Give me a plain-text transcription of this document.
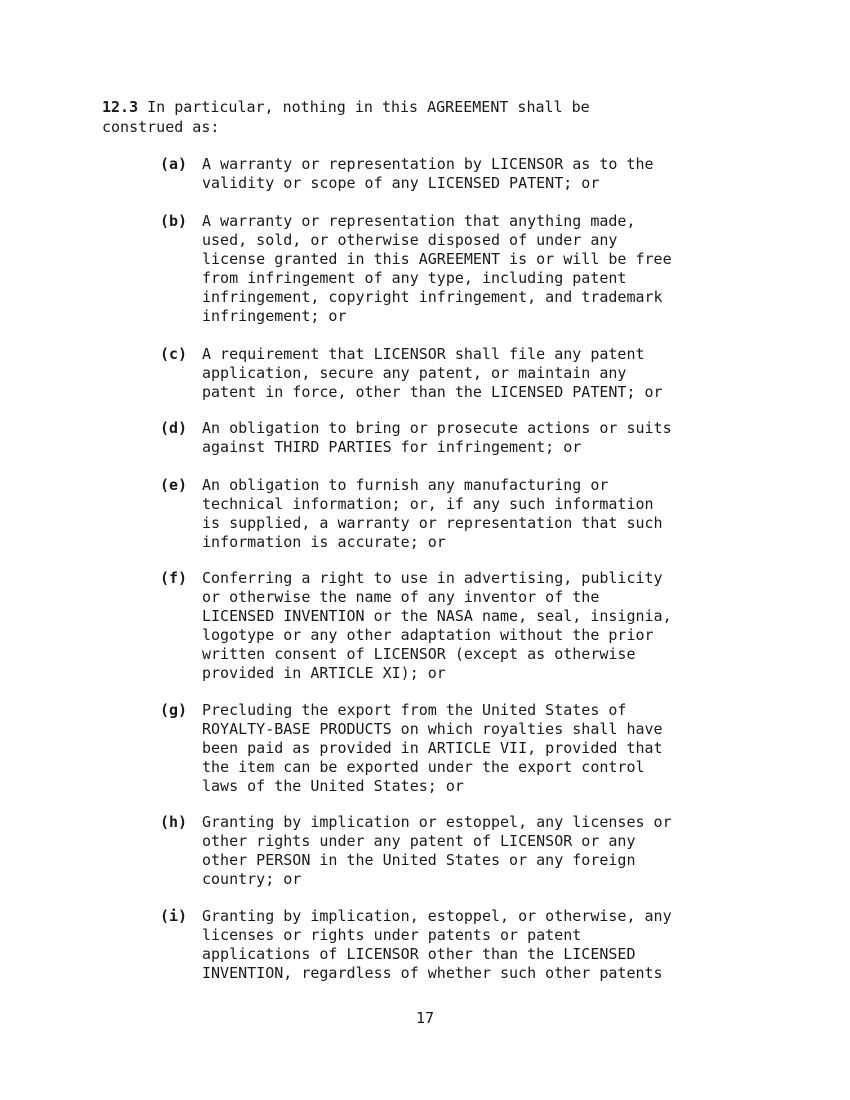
12.3 In particular, nothing in this AGREEMENT shall be
construed as:
(a) A warranty or representation by LICENSOR as to the
validity or scope of any LICENSED PATENT; or
(b) A warranty or representation that anything made,
used, sold, or otherwise disposed of under any
license granted in this AGREEMENT is or will be free
from infringement of any type, including patent
infringement, copyright infringement, and trademark
infringement; or
(c) A requirement that LICENSOR shall file any patent
application, secure any patent, or maintain any
patent in force, other than the LICENSED PATENT; or
(d) An obligation to bring or prosecute actions or suits
against THIRD PARTIES for infringement; or
(e) An obligation to furnish any manufacturing or
technical information; or, if any such information
is supplied, a warranty or representation that such
information is accurate; or
(f) Conferring a right to use in advertising, publicity
or otherwise the name of any inventor of the
LICENSED INVENTION or the NASA name, seal, insignia,
logotype or any other adaptation without the prior
written consent of LICENSOR (except as otherwise
provided in ARTICLE XI); or
(g) Precluding the export from the United States of
ROYALTY-BASE PRODUCTS on which royalties shall have
been paid as provided in ARTICLE VII, provided that
the item can be exported under the export control
laws of the United States; or
(h) Granting by implication or estoppel, any licenses or
other rights under any patent of LICENSOR or any
other PERSON in the United States or any foreign
country; or
(i) Granting by implication, estoppel, or otherwise, any
licenses or rights under patents or patent
applications of LICENSOR other than the LICENSED
INVENTION, regardless of whether such other patents
17
